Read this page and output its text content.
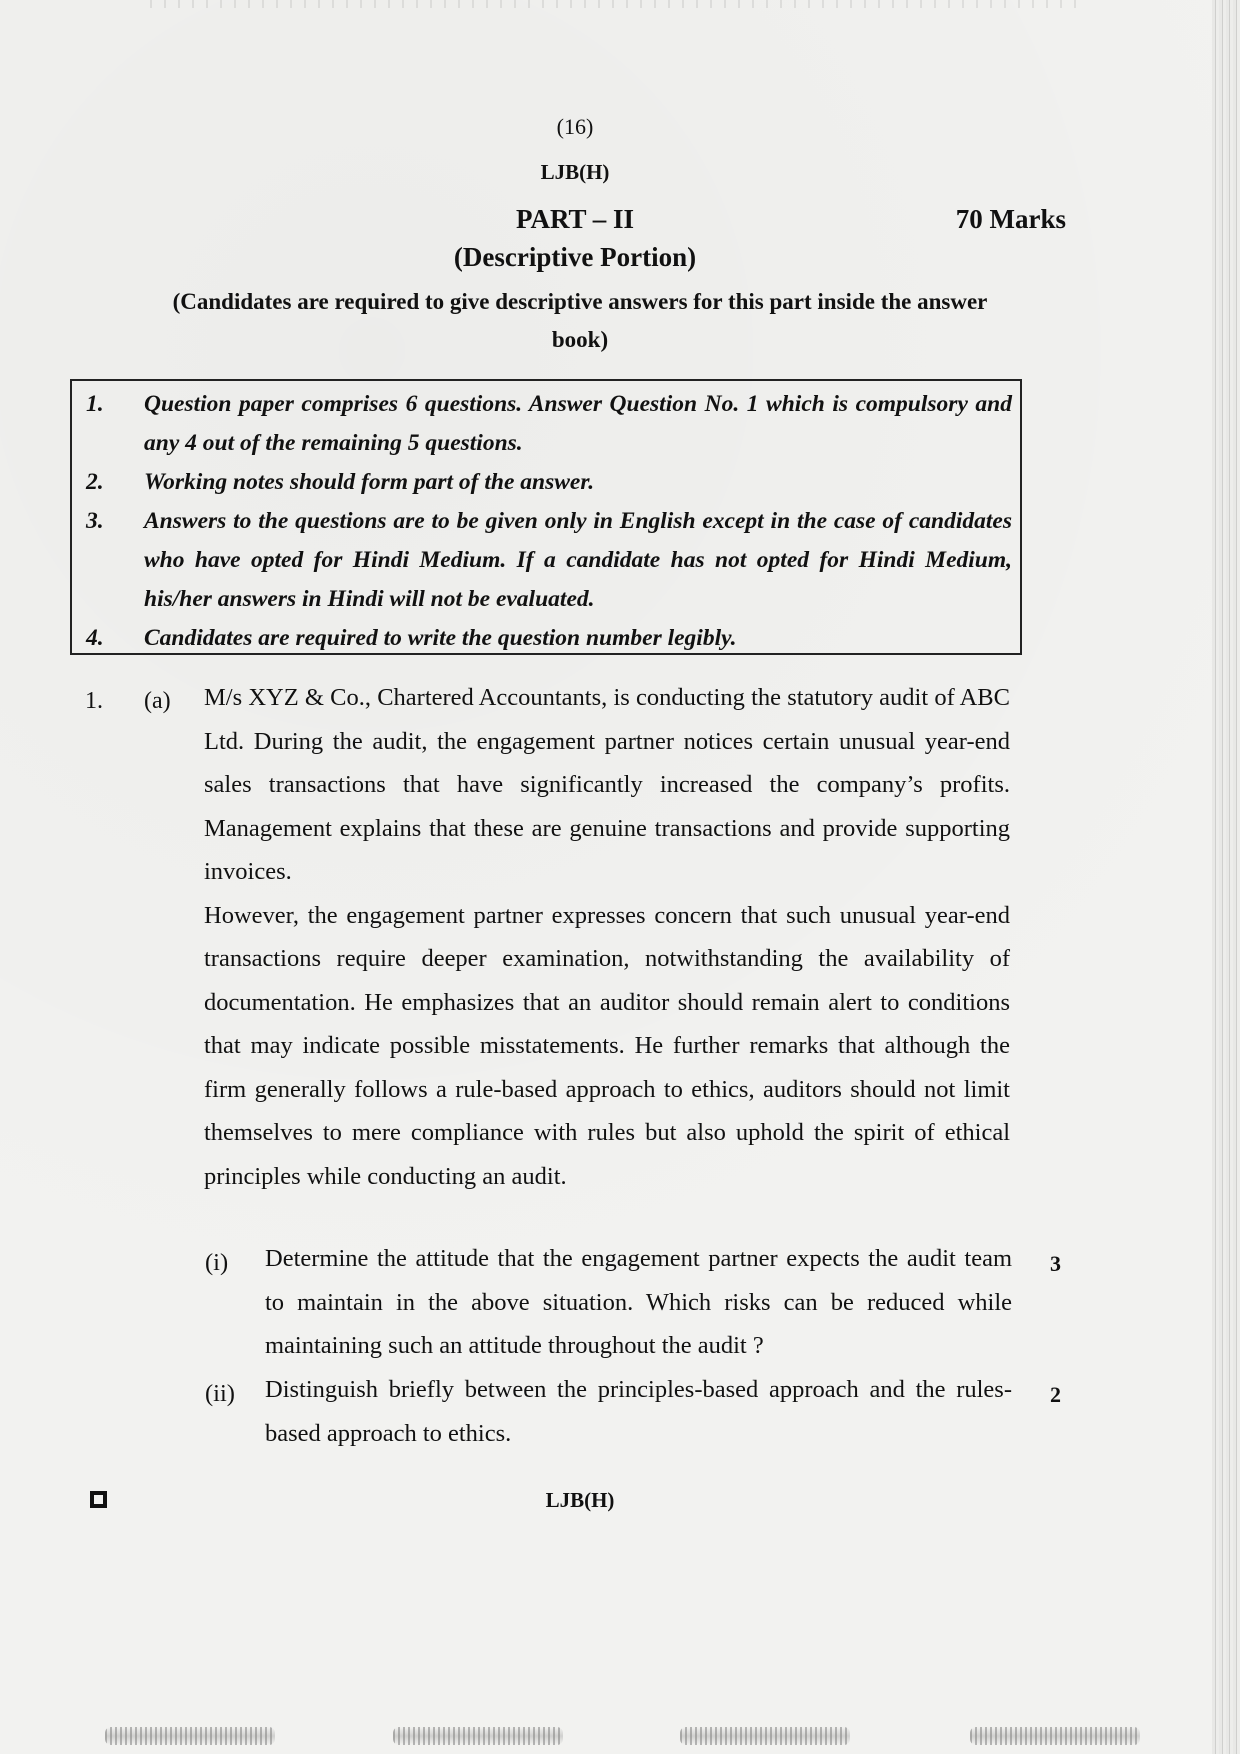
(16)
LJB(H)
PART – II	70 Marks
(Descriptive Portion)
(Candidates are required to give descriptive answers for this part inside the answer book)
1.	Question paper comprises 6 questions. Answer Question No. 1 which is compulsory and any 4 out of the remaining 5 questions.
2.	Working notes should form part of the answer.
3.	Answers to the questions are to be given only in English except in the case of candidates who have opted for Hindi Medium. If a candidate has not opted for Hindi Medium, his/her answers in Hindi will not be evaluated.
4.	Candidates are required to write the question number legibly.
1. (a) M/s XYZ & Co., Chartered Accountants, is conducting the statutory audit of ABC Ltd. During the audit, the engagement partner notices certain unusual year-end sales transactions that have significantly increased the company’s profits. Management explains that these are genuine transactions and provide supporting invoices.

However, the engagement partner expresses concern that such unusual year-end transactions require deeper examination, notwithstanding the availability of documentation. He emphasizes that an auditor should remain alert to conditions that may indicate possible misstatements. He further remarks that although the firm generally follows a rule-based approach to ethics, auditors should not limit themselves to mere compliance with rules but also uphold the spirit of ethical principles while conducting an audit.

(i) Determine the attitude that the engagement partner expects the audit team to maintain in the above situation. Which risks can be reduced while maintaining such an attitude throughout the audit ?
3
(ii) Distinguish briefly between the principles-based approach and the rules-based approach to ethics.
2
LJB(H)
